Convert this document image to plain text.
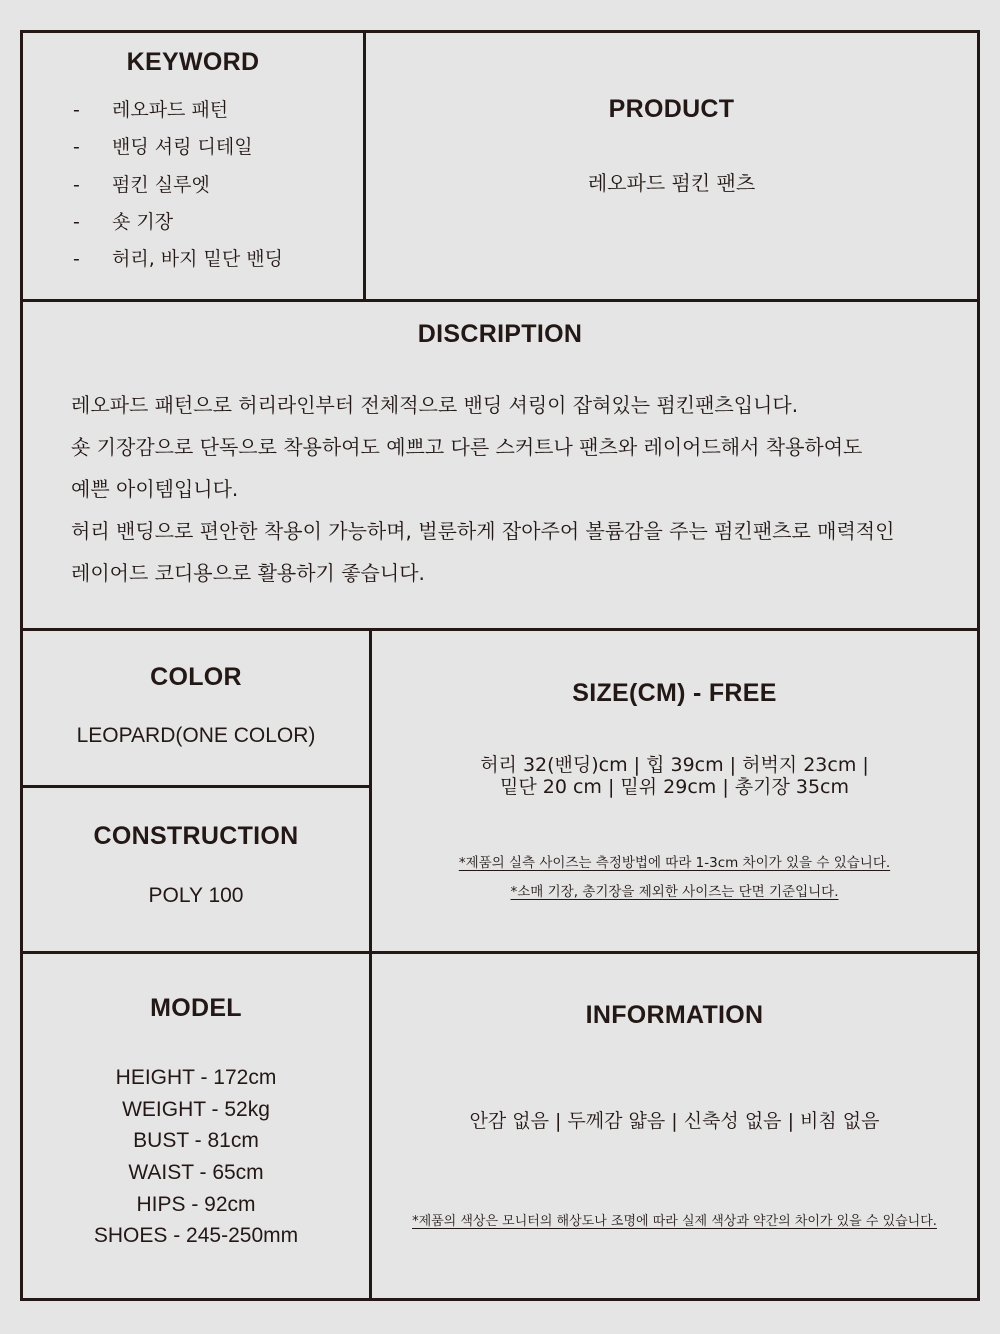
KEYWORD
- 레오파드 패턴
- 밴딩 셔링 디테일
- 펌킨 실루엣
- 숏 기장
- 허리, 바지 밑단 밴딩
PRODUCT
레오파드 펌킨 팬츠
DISCRIPTION

레오파드 패턴으로 허리라인부터 전체적으로 밴딩 셔링이 잡혀있는 펌킨팬츠입니다.

숏 기장감으로 단독으로 착용하여도 예쁘고 다른 스커트나 팬츠와 레이어드해서 착용하여도

예쁜 아이템입니다.

허리 밴딩으로 편안한 착용이 가능하며, 벌룬하게 잡아주어 볼륨감을 주는 펌킨팬츠로 매력적인

레이어드 코디용으로 활용하기 좋습니다.

COLOR
LEOPARD(ONE COLOR)
CONSTRUCTION
POLY 100
SIZE(CM) - FREE
허리 32(밴딩)cm | 힙 39cm | 허벅지 23cm |
밑단 20 cm | 밑위 29cm | 총기장 35cm
*제품의 실측 사이즈는 측정방법에 따라 1-3cm 차이가 있을 수 있습니다.
*소매 기장, 총기장을 제외한 사이즈는 단면 기준입니다.
MODEL
HEIGHT - 172cm
WEIGHT - 52kg
BUST - 81cm
WAIST - 65cm
HIPS - 92cm
SHOES - 245-250mm
INFORMATION
안감 없음 | 두께감 얇음 | 신축성 없음 | 비침 없음
*제품의 색상은 모니터의 해상도나 조명에 따라 실제 색상과 약간의 차이가 있을 수 있습니다.
